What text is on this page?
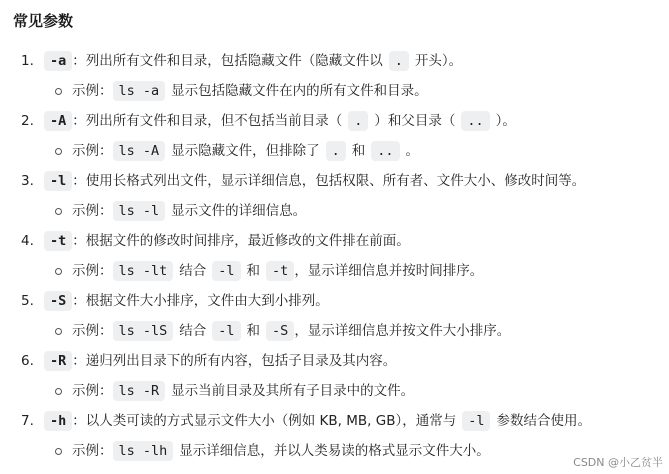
常见参数
1.	-a ：列出所有文件和目录，包括隐藏文件（隐藏文件以 . 开头）。
示例： ls -a 显示包括隐藏文件在内的所有文件和目录。
2.	-A ：列出所有文件和目录，但不包括当前目录（ . ）和父目录（ .. ）。
示例： ls -A 显示隐藏文件，但排除了 . 和 .. 。
3.	-l ：使用长格式列出文件，显示详细信息，包括权限、所有者、文件大小、修改时间等。
示例： ls -l 显示文件的详细信息。
4.	-t ：根据文件的修改时间排序，最近修改的文件排在前面。
示例： ls -lt 结合 -l 和 -t ，显示详细信息并按时间排序。
5.	-S ：根据文件大小排序，文件由大到小排列。
示例： ls -lS 结合 -l 和 -S ，显示详细信息并按文件大小排序。
6.	-R ：递归列出目录下的所有内容，包括子目录及其内容。
示例： ls -R 显示当前目录及其所有子目录中的文件。
7.	-h ：以人类可读的方式显示文件大小（例如 KB, MB, GB），通常与 -l 参数结合使用。
示例： ls -lh 显示详细信息，并以人类易读的格式显示文件大小。
CSDN @小乙贫半
